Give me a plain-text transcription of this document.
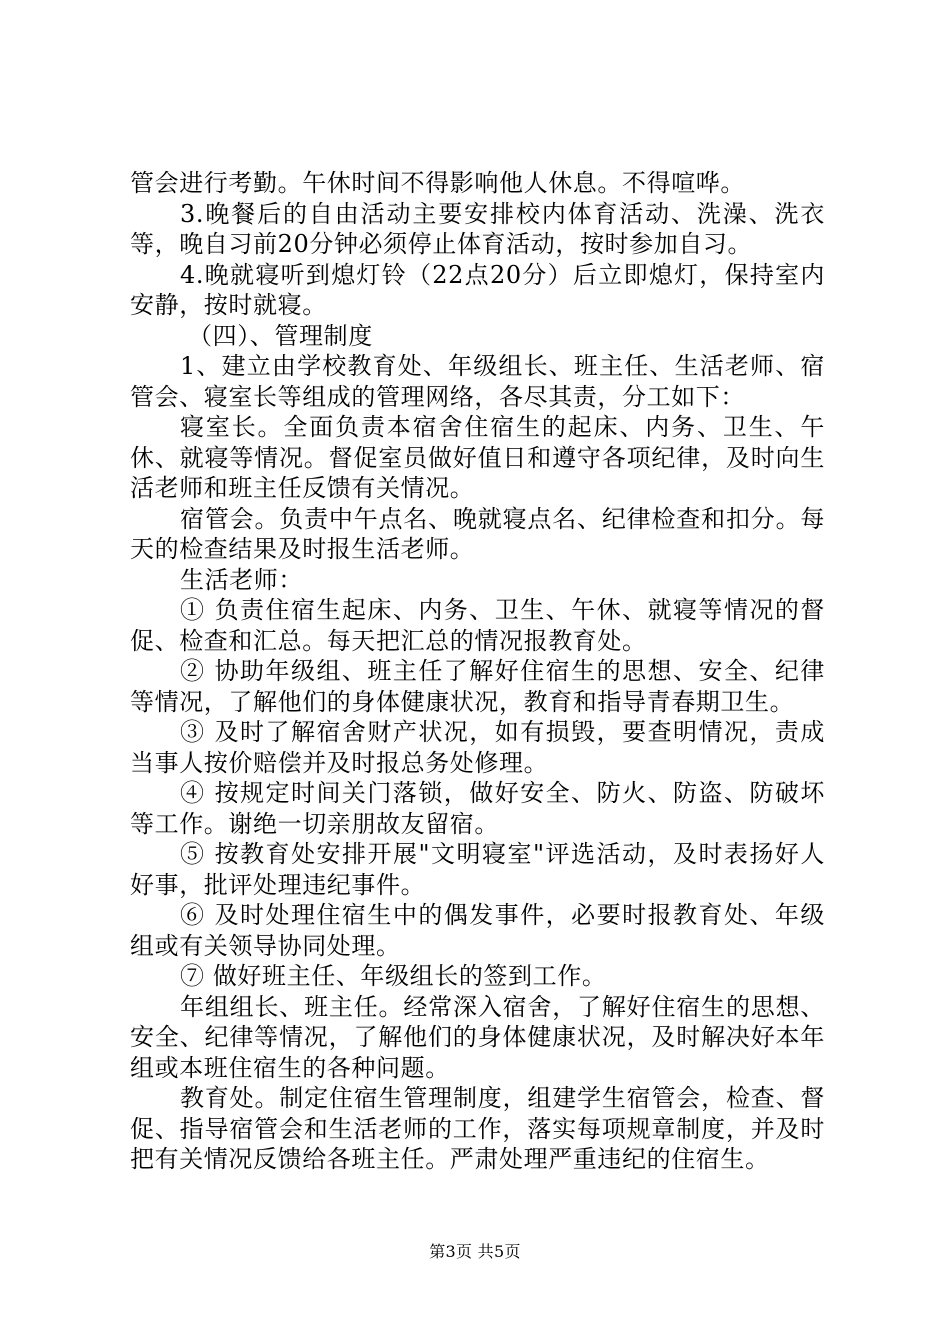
管会进行考勤。午休时间不得影响他人休息。不得喧哗。

3.晚餐后的自由活动主要安排校内体育活动、洗澡、洗衣等，晚自习前20分钟必须停止体育活动，按时参加自习。

4.晚就寝听到熄灯铃（22点20分）后立即熄灯，保持室内安静，按时就寝。

（四）、管理制度

1、建立由学校教育处、年级组长、班主任、生活老师、宿管会、寝室长等组成的管理网络，各尽其责，分工如下：

寝室长。全面负责本宿舍住宿生的起床、内务、卫生、午休、就寝等情况。督促室员做好值日和遵守各项纪律，及时向生活老师和班主任反馈有关情况。

宿管会。负责中午点名、晚就寝点名、纪律检查和扣分。每天的检查结果及时报生活老师。

生活老师：

① 负责住宿生起床、内务、卫生、午休、就寝等情况的督促、检查和汇总。每天把汇总的情况报教育处。

② 协助年级组、班主任了解好住宿生的思想、安全、纪律等情况，了解他们的身体健康状况，教育和指导青春期卫生。

③ 及时了解宿舍财产状况，如有损毁，要查明情况，责成当事人按价赔偿并及时报总务处修理。

④ 按规定时间关门落锁，做好安全、防火、防盗、防破坏等工作。谢绝一切亲朋故友留宿。

⑤ 按教育处安排开展"文明寝室"评选活动，及时表扬好人好事，批评处理违纪事件。

⑥ 及时处理住宿生中的偶发事件，必要时报教育处、年级组或有关领导协同处理。

⑦ 做好班主任、年级组长的签到工作。

年组组长、班主任。经常深入宿舍，了解好住宿生的思想、安全、纪律等情况，了解他们的身体健康状况，及时解决好本年组或本班住宿生的各种问题。

教育处。制定住宿生管理制度，组建学生宿管会，检查、督促、指导宿管会和生活老师的工作，落实每项规章制度，并及时把有关情况反馈给各班主任。严肃处理严重违纪的住宿生。

第3页 共5页
